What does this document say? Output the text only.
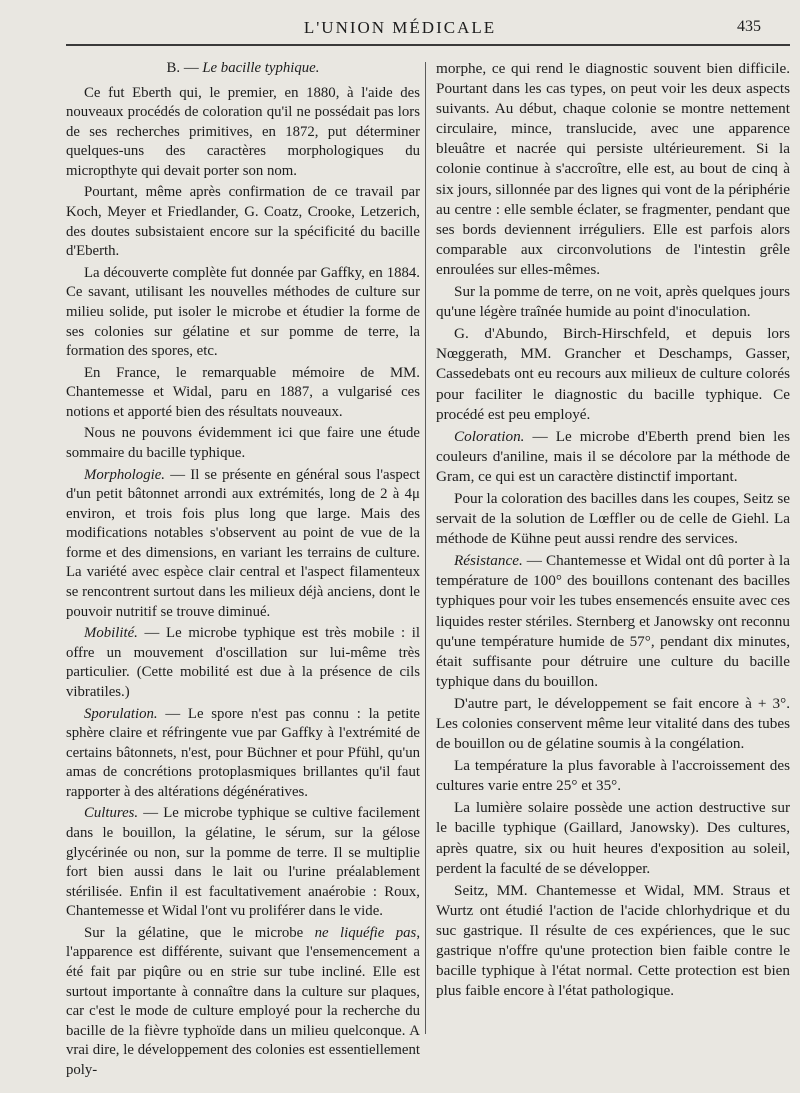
L'UNION MÉDICALE	435

B. — Le bacille typhique.

Ce fut Eberth qui, le premier, en 1880, à l'aide des nouveaux procédés de coloration qu'il ne possédait pas lors de ses recherches primitives, en 1872, put déterminer quelques-uns des caractères morphologiques du micropthyte qui devait porter son nom.

Pourtant, même après confirmation de ce travail par Koch, Meyer et Friedlander, G. Coatz, Crooke, Letzerich, des doutes subsistaient encore sur la spécificité du bacille d'Eberth.

La découverte complète fut donnée par Gaffky, en 1884. Ce savant, utilisant les nouvelles méthodes de culture sur milieu solide, put isoler le microbe et étudier la forme de ses colonies sur gélatine et sur pomme de terre, la formation des spores, etc.

En France, le remarquable mémoire de MM. Chantemesse et Widal, paru en 1887, a vulgarisé ces notions et apporté bien des résultats nouveaux.

Nous ne pouvons évidemment ici que faire une étude sommaire du bacille typhique.

Morphologie. — Il se présente en général sous l'aspect d'un petit bâtonnet arrondi aux extrémités, long de 2 à 4μ environ, et trois fois plus long que large. Mais des modifications notables s'observent au point de vue de la forme et des dimensions, en variant les terrains de culture. La variété avec espèce clair central et l'aspect filamenteux se rencontrent surtout dans les milieux déjà anciens, dont le pouvoir nutritif se trouve diminué.

Mobilité. — Le microbe typhique est très mobile : il offre un mouvement d'oscillation sur lui-même très particulier. (Cette mobilité est due à la présence de cils vibratiles.)

Sporulation. — Le spore n'est pas connu : la petite sphère claire et réfringente vue par Gaffky à l'extrémité de certains bâtonnets, n'est, pour Büchner et pour Pfühl, qu'un amas de concrétions protoplasmiques brillantes qu'il faut rapporter à des altérations dégénératives.

Cultures. — Le microbe typhique se cultive facilement dans le bouillon, la gélatine, le sérum, sur la gélose glycérinée ou non, sur la pomme de terre. Il se multiplie fort bien aussi dans le lait ou l'urine préalablement stérilisée. Enfin il est facultativement anaérobie : Roux, Chantemesse et Widal l'ont vu proliférer dans le vide.

Sur la gélatine, que le microbe ne liquéfie pas, l'apparence est différente, suivant que l'ensemencement a été fait par piqûre ou en strie sur tube incliné. Elle est surtout importante à connaître dans la culture sur plaques, car c'est le mode de culture employé pour la recherche du bacille de la fièvre typhoïde dans un milieu quelconque. A vrai dire, le développement des colonies est essentiellement poly-

morphe, ce qui rend le diagnostic souvent bien difficile. Pourtant dans les cas types, on peut voir les deux aspects suivants. Au début, chaque colonie se montre nettement circulaire, mince, translucide, avec une apparence bleuâtre et nacrée qui persiste ultérieurement. Si la colonie continue à s'accroître, elle est, au bout de cinq à six jours, sillonnée par des lignes qui vont de la périphérie au centre : elle semble éclater, se fragmenter, pendant que ses bords deviennent irréguliers. Elle est parfois alors comparable aux circonvolutions de l'intestin grêle enroulées sur elles-mêmes.

Sur la pomme de terre, on ne voit, après quelques jours qu'une légère traînée humide au point d'inoculation.

G. d'Abundo, Birch-Hirschfeld, et depuis lors Nœggerath, MM. Grancher et Deschamps, Gasser, Cassedebats ont eu recours aux milieux de culture colorés pour faciliter le diagnostic du bacille typhique. Ce procédé est peu employé.

Coloration. — Le microbe d'Eberth prend bien les couleurs d'aniline, mais il se décolore par la méthode de Gram, ce qui est un caractère distinctif important.

Pour la coloration des bacilles dans les coupes, Seitz se servait de la solution de Lœffler ou de celle de Giehl. La méthode de Kühne peut aussi rendre des services.

Résistance. — Chantemesse et Widal ont dû porter à la température de 100° des bouillons contenant des bacilles typhiques pour voir les tubes ensemencés ensuite avec ces liquides rester stériles. Sternberg et Janowsky ont reconnu qu'une température humide de 57°, pendant dix minutes, était suffisante pour détruire une culture du bacille typhique dans du bouillon.

D'autre part, le développement se fait encore à + 3°. Les colonies conservent même leur vitalité dans des tubes de bouillon ou de gélatine soumis à la congélation.

La température la plus favorable à l'accroissement des cultures varie entre 25° et 35°.

La lumière solaire possède une action destructive sur le bacille typhique (Gaillard, Janowsky). Des cultures, après quatre, six ou huit heures d'exposition au soleil, perdent la faculté de se développer.

Seitz, MM. Chantemesse et Widal, MM. Straus et Wurtz ont étudié l'action de l'acide chlorhydrique et du suc gastrique. Il résulte de ces expériences, que le suc gastrique n'offre qu'une protection bien faible contre le bacille typhique à l'état normal. Cette protection est bien plus faible encore à l'état pathologique.
